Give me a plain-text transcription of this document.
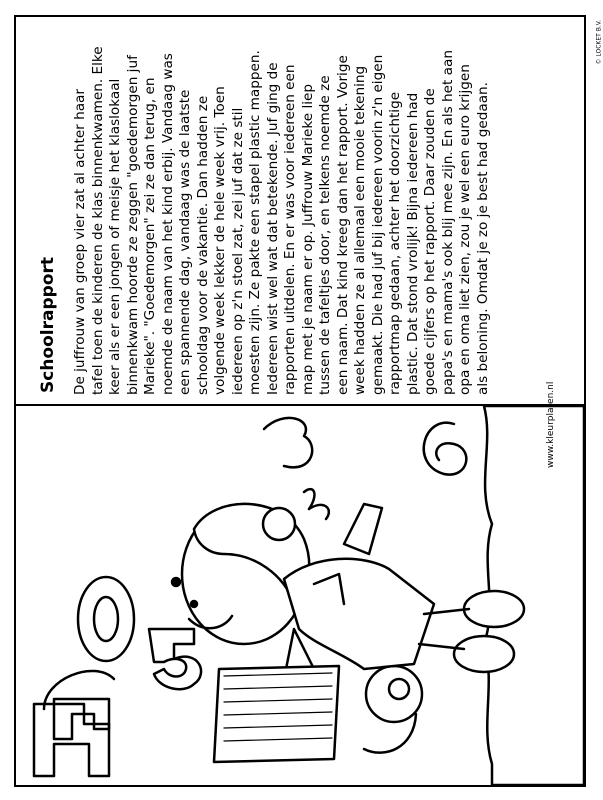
© LOCKET B.V.
Schoolrapport De juffrouw van groep vier zat al achter haar tafel toen de kinderen de klas binnenkwamen. Elke keer als er een jongen of meisje het klaslokaal binnenkwam hoorde ze zeggen "goedemorgen juf Marieke". "Goedemorgen" zei ze dan terug, en noemde de naam van het kind erbij. Vandaag was een spannende dag, vandaag was de laatste schooldag voor de vakantie. Dan hadden ze volgende week lekker de hele week vrij. Toen iedereen op z'n stoel zat, zei juf dat ze stil moesten zijn. Ze pakte een stapel plastic mappen. Iedereen wist wel wat dat betekende. Juf ging de rapporten uitdelen. En er was voor iedereen een map met je naam er op. Juffrouw Marieke liep tussen de tafeltjes door, en telkens noemde ze een naam. Dat kind kreeg dan het rapport. Vorige week hadden ze al allemaal een mooie tekening gemaakt. Die had juf bij iedereen voorin z'n eigen rapportmap gedaan, achter het doorzichtige plastic. Dat stond vrolijk! Bijna iedereen had goede cijfers op het rapport. Daar zouden de papa's en mama's ook blij mee zijn. En als het aan opa en oma liet zien, zou je wel een euro krijgen als beloning. Omdat je zo je best had gedaan.
www.kleurplaten.nl
